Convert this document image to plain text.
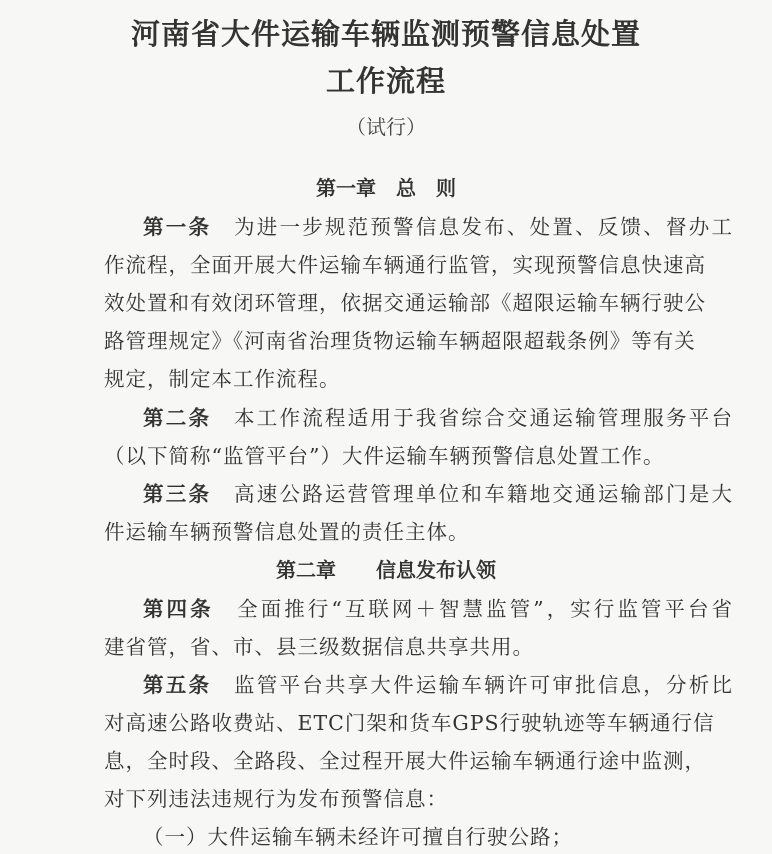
河南省大件运输车辆监测预警信息处置
工作流程
（试行）
第一章　总　则
第一条　为进一步规范预警信息发布、处置、反馈、督办工
作流程，全面开展大件运输车辆通行监管，实现预警信息快速高
效处置和有效闭环管理，依据交通运输部《超限运输车辆行驶公
路管理规定》《河南省治理货物运输车辆超限超载条例》等有关
规定，制定本工作流程。
第二条　本工作流程适用于我省综合交通运输管理服务平台
（以下简称“监管平台”）大件运输车辆预警信息处置工作。
第三条　高速公路运营管理单位和车籍地交通运输部门是大
件运输车辆预警信息处置的责任主体。
第二章　　信息发布认领
第四条　全面推行“互联网＋智慧监管”，实行监管平台省
建省管，省、市、县三级数据信息共享共用。
第五条　监管平台共享大件运输车辆许可审批信息，分析比
对高速公路收费站、ETC门架和货车GPS行驶轨迹等车辆通行信
息，全时段、全路段、全过程开展大件运输车辆通行途中监测，
对下列违法违规行为发布预警信息：
（一）大件运输车辆未经许可擅自行驶公路；
